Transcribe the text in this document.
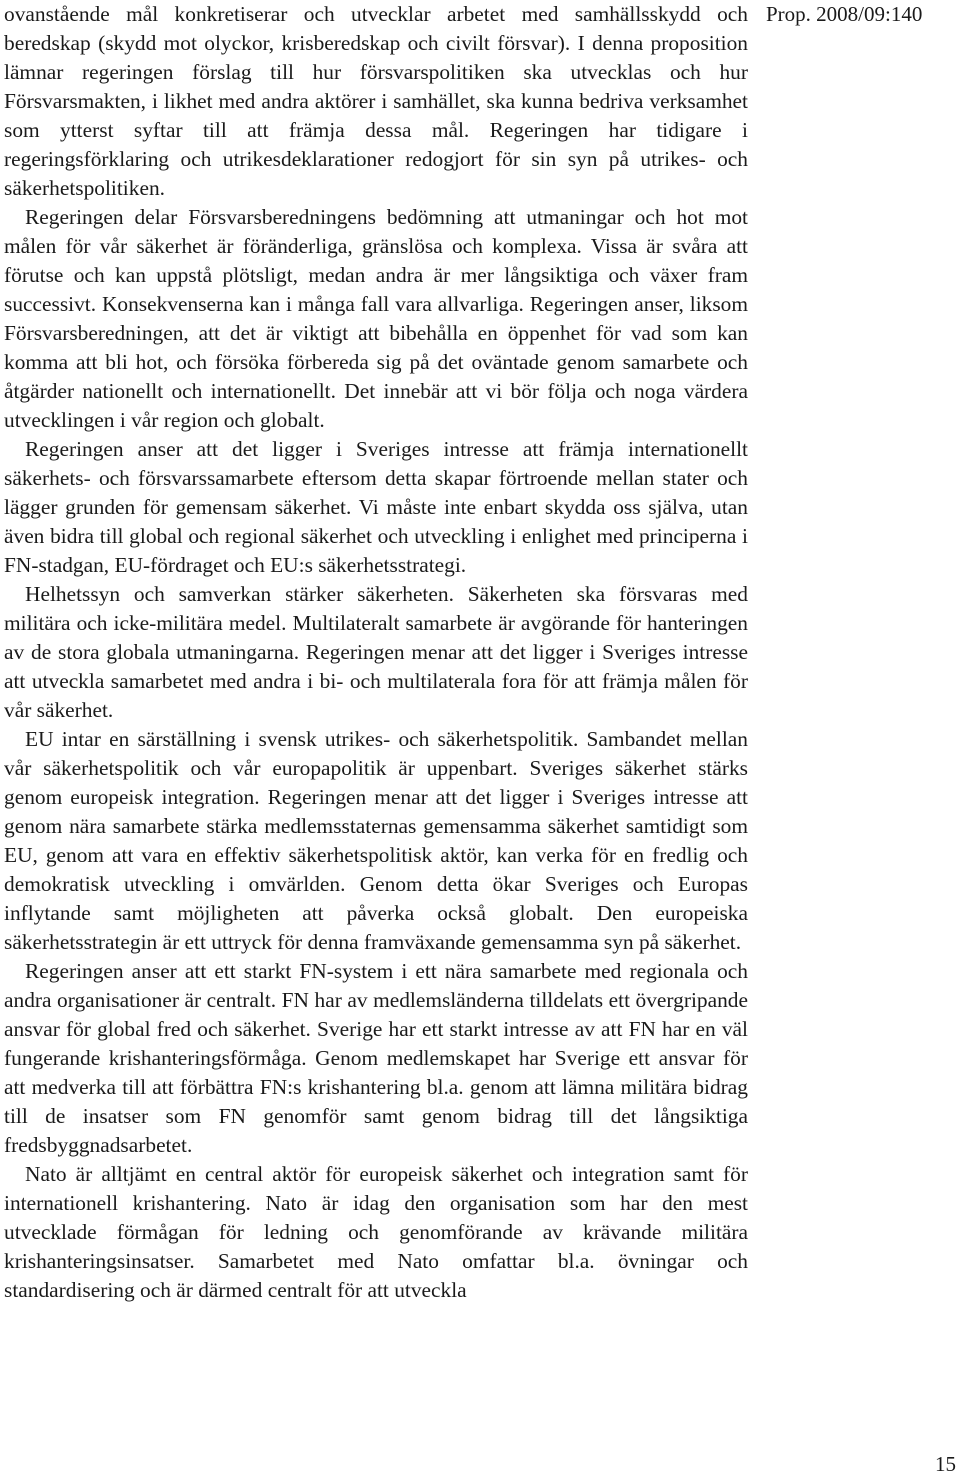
ovanstående mål konkretiserar och utvecklar arbetet med samhällsskydd och beredskap (skydd mot olyckor, krisberedskap och civilt försvar). I denna proposition lämnar regeringen förslag till hur försvarspolitiken ska utvecklas och hur Försvarsmakten, i likhet med andra aktörer i samhället, ska kunna bedriva verksamhet som ytterst syftar till att främja dessa mål. Regeringen har tidigare i regeringsförklaring och utrikesdeklarationer redogjort för sin syn på utrikes- och säkerhetspolitiken.

Regeringen delar Försvarsberedningens bedömning att utmaningar och hot mot målen för vår säkerhet är föränderliga, gränslösa och komplexa. Vissa är svåra att förutse och kan uppstå plötsligt, medan andra är mer långsiktiga och växer fram successivt. Konsekvenserna kan i många fall vara allvarliga. Regeringen anser, liksom Försvarsberedningen, att det är viktigt att bibehålla en öppenhet för vad som kan komma att bli hot, och försöka förbereda sig på det oväntade genom samarbete och åtgärder nationellt och internationellt. Det innebär att vi bör följa och noga värdera utvecklingen i vår region och globalt.

Regeringen anser att det ligger i Sveriges intresse att främja internationellt säkerhets- och försvarssamarbete eftersom detta skapar förtroende mellan stater och lägger grunden för gemensam säkerhet. Vi måste inte enbart skydda oss själva, utan även bidra till global och regional säkerhet och utveckling i enlighet med principerna i FN-stadgan, EU-fördraget och EU:s säkerhetsstrategi.

Helhetssyn och samverkan stärker säkerheten. Säkerheten ska försvaras med militära och icke-militära medel. Multilateralt samarbete är avgörande för hanteringen av de stora globala utmaningarna. Regeringen menar att det ligger i Sveriges intresse att utveckla samarbetet med andra i bi- och multilaterala fora för att främja målen för vår säkerhet.

EU intar en särställning i svensk utrikes- och säkerhetspolitik. Sambandet mellan vår säkerhetspolitik och vår europapolitik är uppenbart. Sveriges säkerhet stärks genom europeisk integration. Regeringen menar att det ligger i Sveriges intresse att genom nära samarbete stärka medlemsstaternas gemensamma säkerhet samtidigt som EU, genom att vara en effektiv säkerhetspolitisk aktör, kan verka för en fredlig och demokratisk utveckling i omvärlden. Genom detta ökar Sveriges och Europas inflytande samt möjligheten att påverka också globalt. Den europeiska säkerhetsstrategin är ett uttryck för denna framväxande gemensamma syn på säkerhet.

Regeringen anser att ett starkt FN-system i ett nära samarbete med regionala och andra organisationer är centralt. FN har av medlemsländerna tilldelats ett övergripande ansvar för global fred och säkerhet. Sverige har ett starkt intresse av att FN har en väl fungerande krishanteringsförmåga. Genom medlemskapet har Sverige ett ansvar för att medverka till att förbättra FN:s krishantering bl.a. genom att lämna militära bidrag till de insatser som FN genomför samt genom bidrag till det långsiktiga fredsbyggnadsarbetet.

Nato är alltjämt en central aktör för europeisk säkerhet och integration samt för internationell krishantering. Nato är idag den organisation som har den mest utvecklade förmågan för ledning och genomförande av krävande militära krishanteringsinsatser. Samarbetet med Nato omfattar bl.a. övningar och standardisering och är därmed centralt för att utveckla

Prop. 2008/09:140
15
